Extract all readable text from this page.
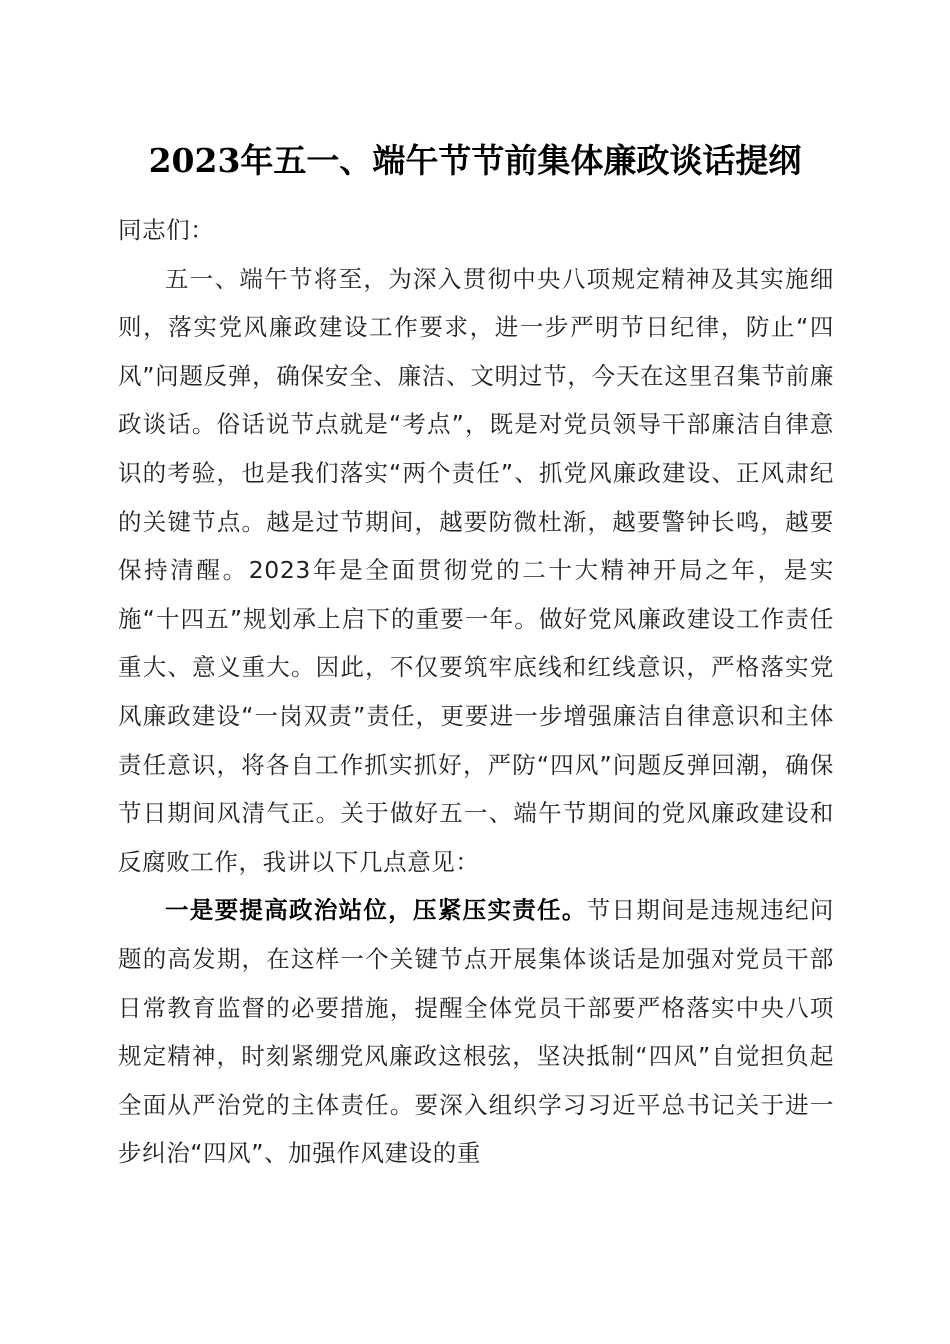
2023年五一、端午节节前集体廉政谈话提纲

同志们：

五一、端午节将至，为深入贯彻中央八项规定精神及其实施细则，落实党风廉政建设工作要求，进一步严明节日纪律，防止“四风”问题反弹，确保安全、廉洁、文明过节，今天在这里召集节前廉政谈话。俗话说节点就是“考点”，既是对党员领导干部廉洁自律意识的考验，也是我们落实“两个责任”、抓党风廉政建设、正风肃纪的关键节点。越是过节期间，越要防微杜渐，越要警钟长鸣，越要保持清醒。2023年是全面贯彻党的二十大精神开局之年，是实施“十四五”规划承上启下的重要一年。做好党风廉政建设工作责任重大、意义重大。因此，不仅要筑牢底线和红线意识，严格落实党风廉政建设“一岗双责”责任，更要进一步增强廉洁自律意识和主体责任意识，将各自工作抓实抓好，严防“四风”问题反弹回潮，确保节日期间风清气正。关于做好五一、端午节期间的党风廉政建设和反腐败工作，我讲以下几点意见：

一是要提高政治站位，压紧压实责任。节日期间是违规违纪问题的高发期，在这样一个关键节点开展集体谈话是加强对党员干部日常教育监督的必要措施，提醒全体党员干部要严格落实中央八项规定精神，时刻紧绷党风廉政这根弦，坚决抵制“四风”自觉担负起全面从严治党的主体责任。要深入组织学习习近平总书记关于进一步纠治“四风”、加强作风建设的重
